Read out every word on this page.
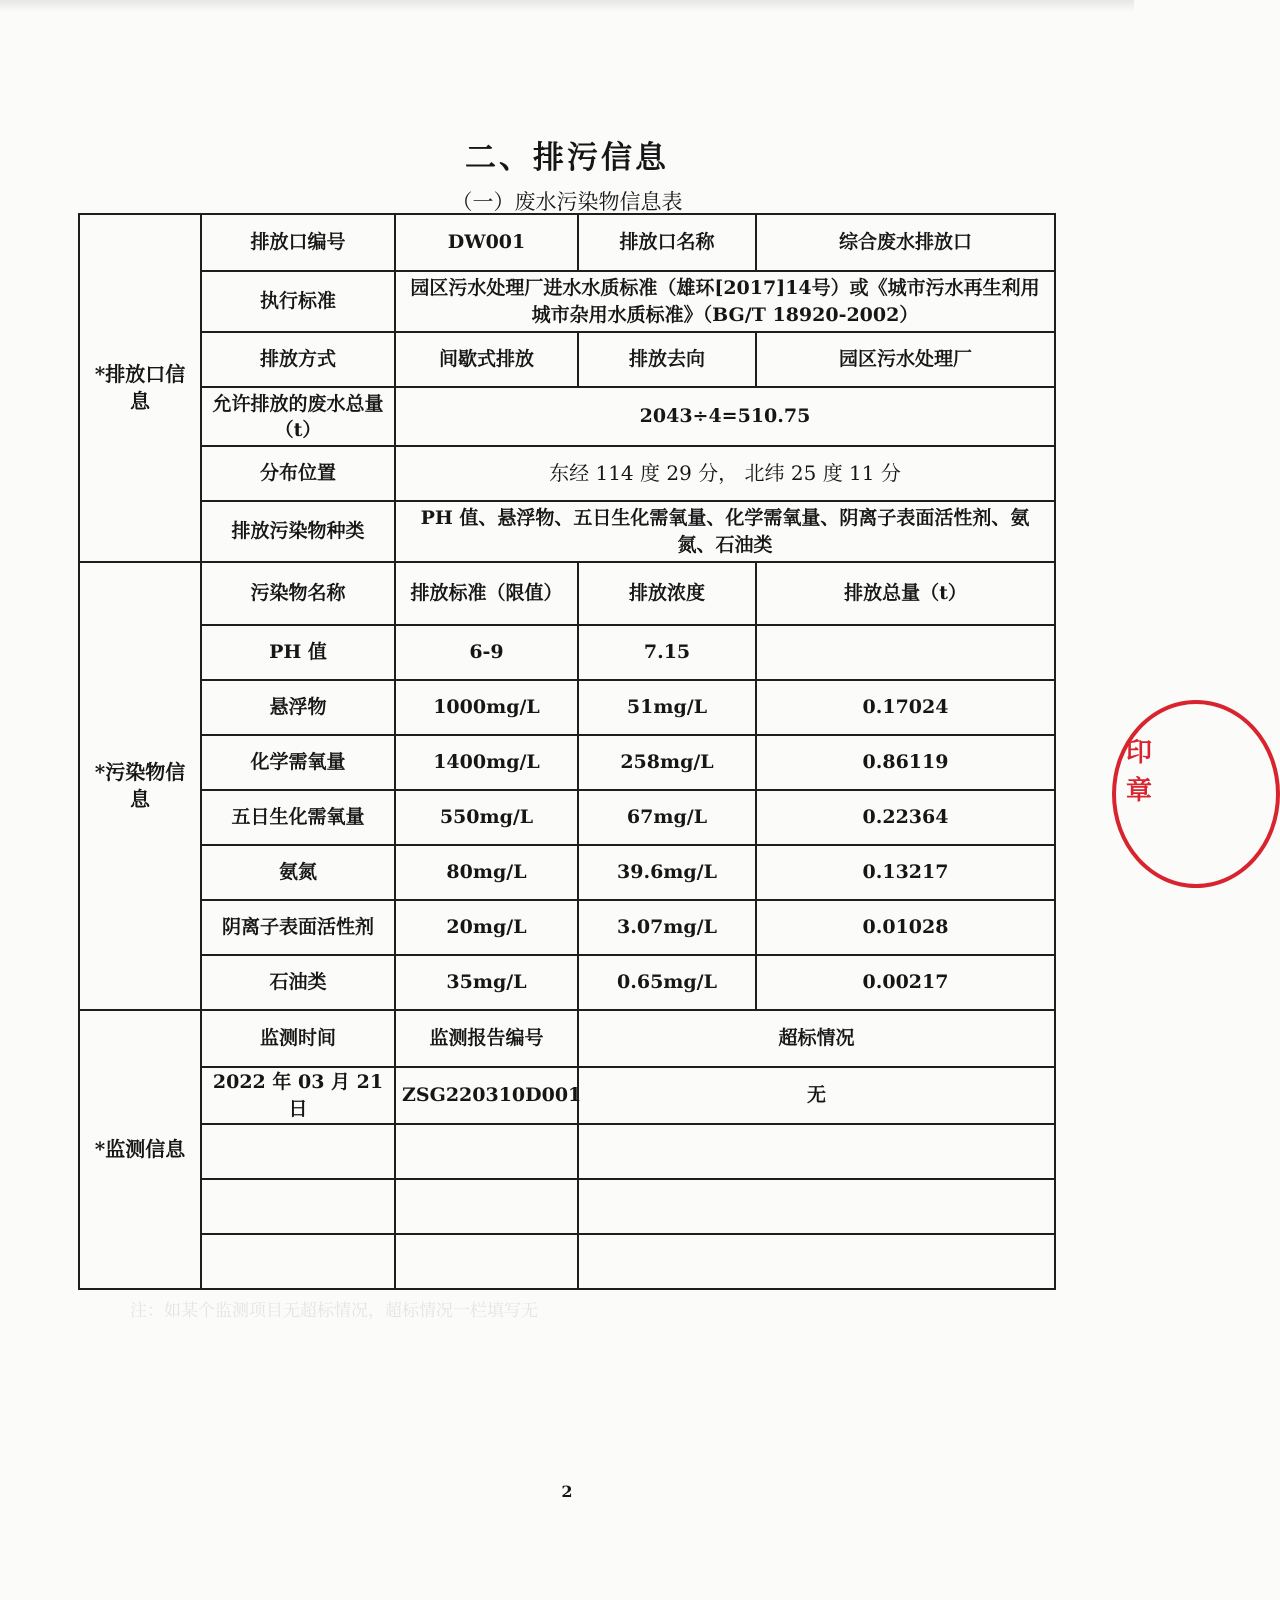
二、排污信息
（一）废水污染物信息表
*排放口信息	排放口编号	DW001	排放口名称	综合废水排放口
	执行标准	园区污水处理厂进水水质标准（雄环[2017]14号）或《城市污水再生利用 城市杂用水质标准》（BG/T 18920-2002）		
	排放方式	间歇式排放	排放去向	园区污水处理厂
	允许排放的废水总量（t）	2043÷4=510.75		
	分布位置	东经 114 度 29 分， 北纬 25 度 11 分		
	排放污染物种类	PH 值、悬浮物、五日生化需氧量、化学需氧量、阴离子表面活性剂、氨氮、石油类		
*污染物信息	污染物名称	排放标准（限值）	排放浓度	排放总量（t）
	PH 值	6-9	7.15	
	悬浮物	1000mg/L	51mg/L	0.17024
	化学需氧量	1400mg/L	258mg/L	0.86119
	五日生化需氧量	550mg/L	67mg/L	0.22364
	氨氮	80mg/L	39.6mg/L	0.13217
	阴离子表面活性剂	20mg/L	3.07mg/L	0.01028
	石油类	35mg/L	0.65mg/L	0.00217
*监测信息	监测时间	监测报告编号	超标情况	
	2022 年 03 月 21 日	ZSG220310D001	无	

注：如某个监测项目无超标情况，超标情况一栏填写无
印章
2
